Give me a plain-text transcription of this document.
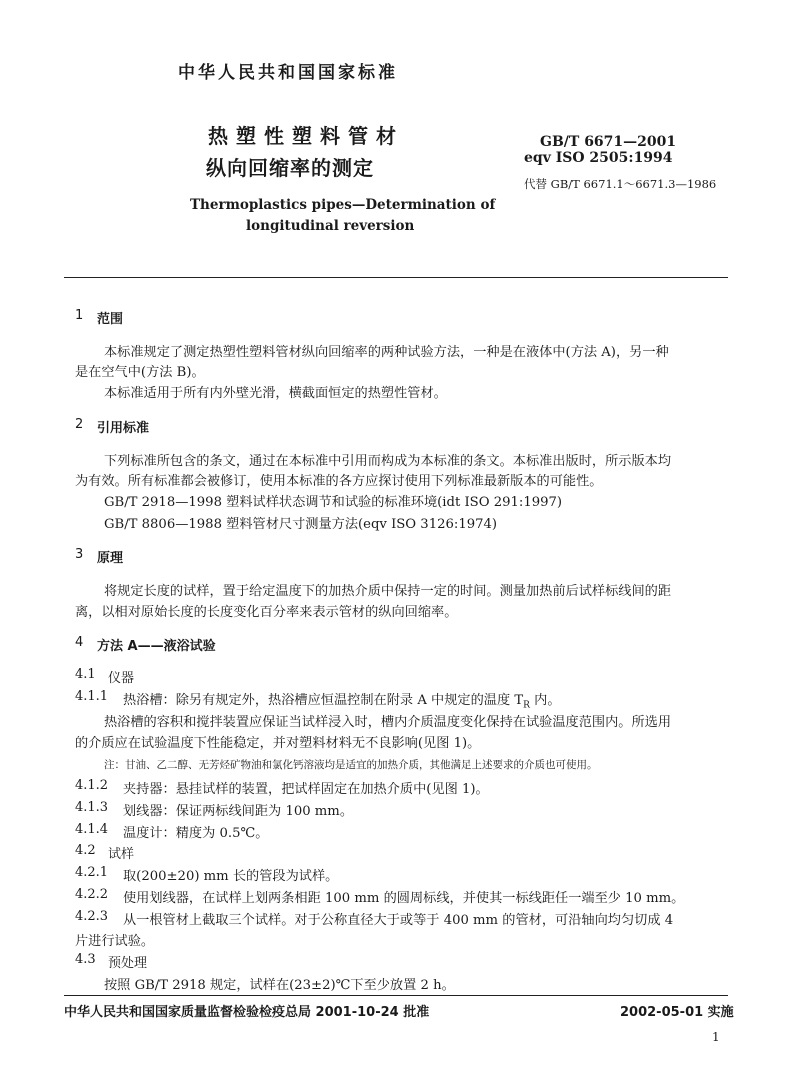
中华人民共和国国家标准
热塑性塑料管材
纵向回缩率的测定
GB/T 6671—2001
eqv ISO 2505:1994
代替 GB/T 6671.1～6671.3—1986
Thermoplastics pipes—Determination of
longitudinal reversion
1 范围
本标准规定了测定热塑性塑料管材纵向回缩率的两种试验方法，一种是在液体中(方法 A)，另一种
是在空气中(方法 B)。
本标准适用于所有内外壁光滑，横截面恒定的热塑性管材。
2 引用标准
下列标准所包含的条文，通过在本标准中引用而构成为本标准的条文。本标准出版时，所示版本均
为有效。所有标准都会被修订，使用本标准的各方应探讨使用下列标准最新版本的可能性。
GB/T 2918—1998 塑料试样状态调节和试验的标准环境(idt ISO 291:1997)
GB/T 8806—1988 塑料管材尺寸测量方法(eqv ISO 3126:1974)
3 原理
将规定长度的试样，置于给定温度下的加热介质中保持一定的时间。测量加热前后试样标线间的距
离，以相对原始长度的长度变化百分率来表示管材的纵向回缩率。
4 方法 A——液浴试验
4.1 仪器
4.1.1 热浴槽：除另有规定外，热浴槽应恒温控制在附录 A 中规定的温度 $T_R$ 内。
热浴槽的容积和搅拌装置应保证当试样浸入时，槽内介质温度变化保持在试验温度范围内。所选用
的介质应在试验温度下性能稳定，并对塑料材料无不良影响(见图 1)。
注：甘油、乙二醇、无芳烃矿物油和氯化钙溶液均是适宜的加热介质，其他满足上述要求的介质也可使用。
4.1.2 夹持器：悬挂试样的装置，把试样固定在加热介质中(见图 1)。
4.1.3 划线器：保证两标线间距为 100 mm。
4.1.4 温度计：精度为 0.5℃。
4.2 试样
4.2.1 取(200±20) mm 长的管段为试样。
4.2.2 使用划线器，在试样上划两条相距 100 mm 的圆周标线，并使其一标线距任一端至少 10 mm。
4.2.3 从一根管材上截取三个试样。对于公称直径大于或等于 400 mm 的管材，可沿轴向均匀切成 4
片进行试验。
4.3 预处理
按照 GB/T 2918 规定，试样在(23±2)℃下至少放置 2 h。
中华人民共和国国家质量监督检验检疫总局 2001-10-24 批准	2002-05-01 实施
1
